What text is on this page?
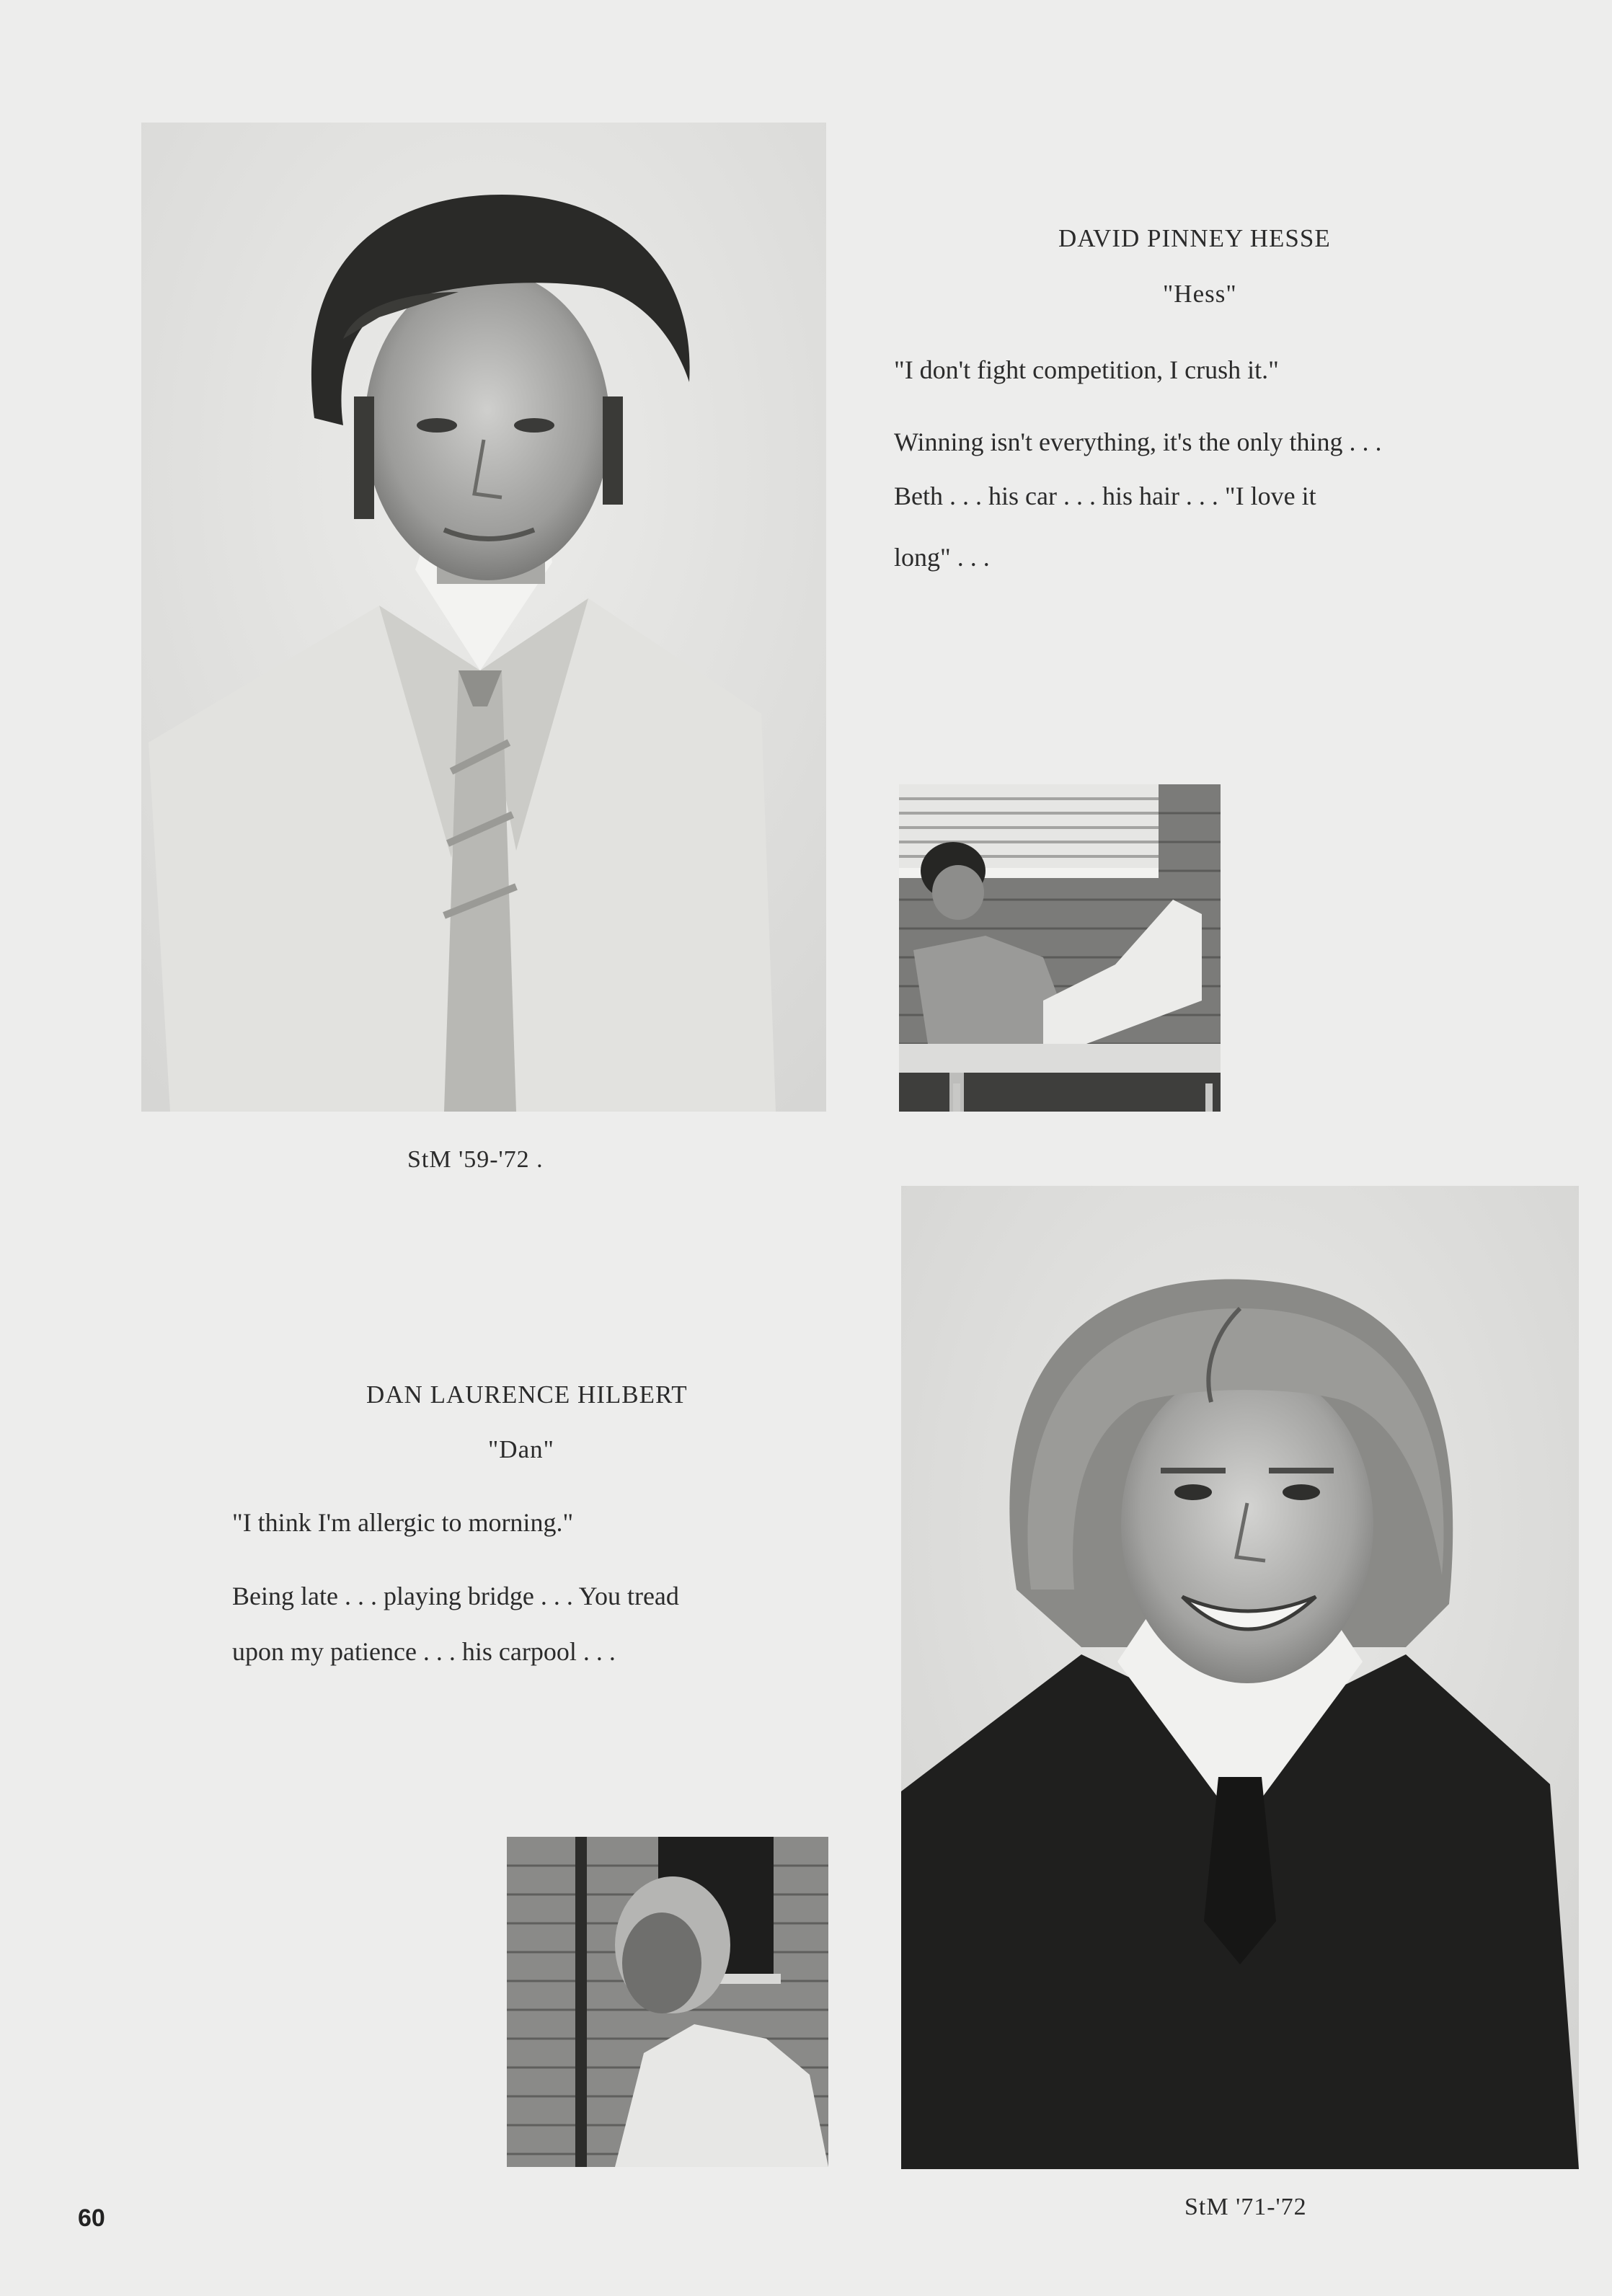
DAVID PINNEY HESSE
"Hess"
"I don't fight competition, I crush it."
Winning isn't everything, it's the only thing . . .
Beth . . . his car . . . his hair . . . "I love it
long" . . .
StM '59-'72 .
DAN LAURENCE HILBERT
"Dan"
"I think I'm allergic to morning."
Being late . . . playing bridge . . . You tread
upon my patience . . . his carpool . . .
StM '71-'72
60
